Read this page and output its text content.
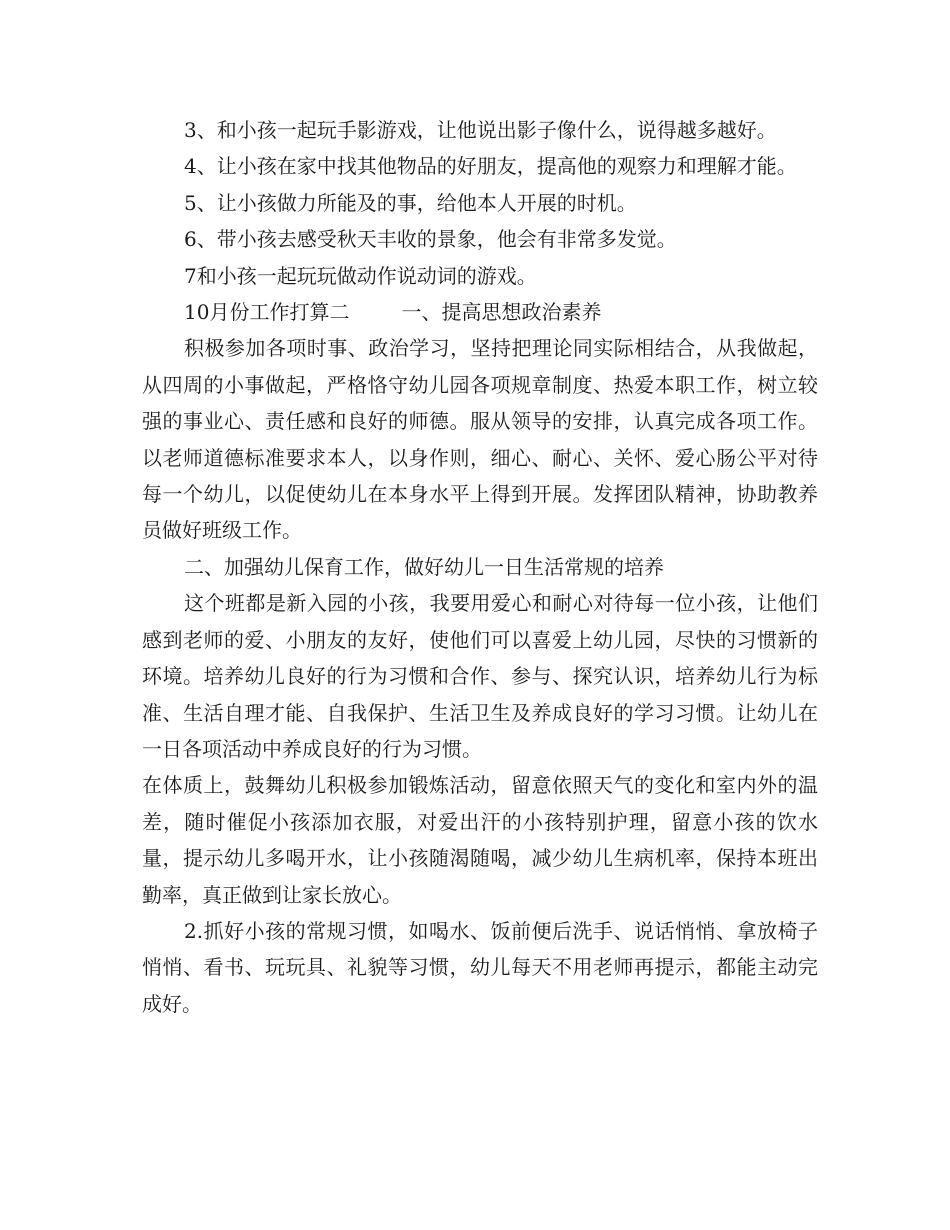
3、和小孩一起玩手影游戏，让他说出影子像什么，说得越多越好。

4、让小孩在家中找其他物品的好朋友，提高他的观察力和理解才能。

5、让小孩做力所能及的事，给他本人开展的时机。

6、带小孩去感受秋天丰收的景象，他会有非常多发觉。

7和小孩一起玩玩做动作说动词的游戏。

10月份工作打算二	一、提高思想政治素养

积极参加各项时事、政治学习，坚持把理论同实际相结合，从我做起，从四周的小事做起，严格恪守幼儿园各项规章制度、热爱本职工作，树立较强的事业心、责任感和良好的师德。服从领导的安排，认真完成各项工作。以老师道德标准要求本人，以身作则，细心、耐心、关怀、爱心肠公平对待每一个幼儿，以促使幼儿在本身水平上得到开展。发挥团队精神，协助教养员做好班级工作。

二、加强幼儿保育工作，做好幼儿一日生活常规的培养

这个班都是新入园的小孩，我要用爱心和耐心对待每一位小孩，让他们感到老师的爱、小朋友的友好，使他们可以喜爱上幼儿园，尽快的习惯新的环境。培养幼儿良好的行为习惯和合作、参与、探究认识，培养幼儿行为标准、生活自理才能、自我保护、生活卫生及养成良好的学习习惯。让幼儿在一日各项活动中养成良好的行为习惯。

在体质上，鼓舞幼儿积极参加锻炼活动，留意依照天气的变化和室内外的温差，随时催促小孩添加衣服，对爱出汗的小孩特别护理，留意小孩的饮水量，提示幼儿多喝开水，让小孩随渴随喝，减少幼儿生病机率，保持本班出勤率，真正做到让家长放心。

2.抓好小孩的常规习惯，如喝水、饭前便后洗手、说话悄悄、拿放椅子悄悄、看书、玩玩具、礼貌等习惯，幼儿每天不用老师再提示，都能主动完成好。
